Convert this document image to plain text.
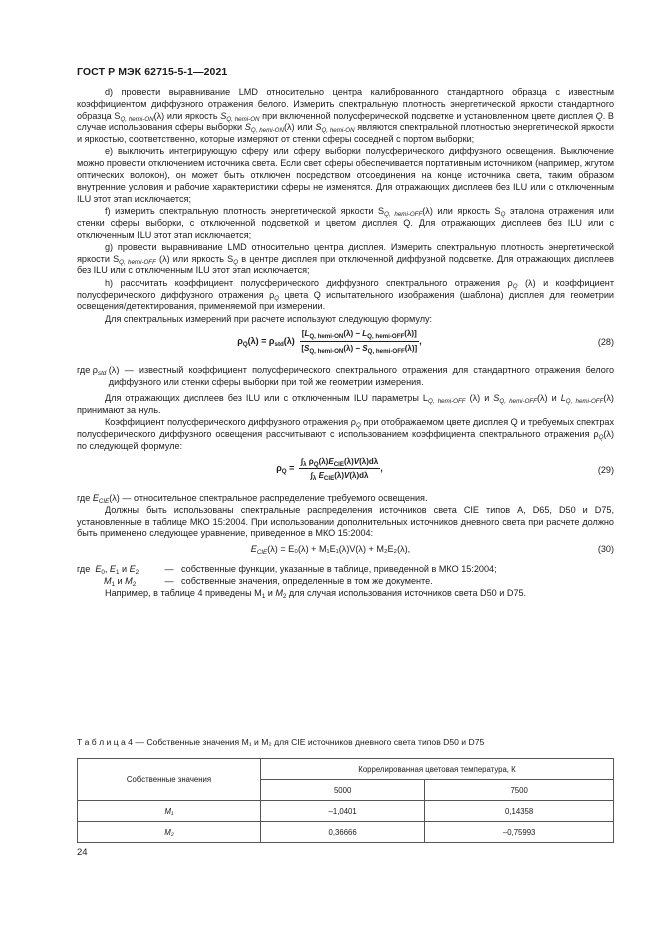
ГОСТ Р МЭК 62715-5-1—2021

d) провести выравнивание LMD относительно центра калиброванного стандартного образца с известным коэффициентом диффузного отражения белого. Измерить спектральную плотность энергетической яркости стандартного образца $S_{Q, hemi-ON}(\lambda)$ или яркость $S_{Q, hemi-ON}$ при включенной полусферической подсветке и установленном цвете дисплея Q. В случае использования сферы выборки $S_{Q, hemi-ON}(\lambda)$ или $S_{Q, hemi-ON}$ являются спектральной плотностью энергетической яркости и яркостью, соответственно, которые измеряют от стенки сферы соседней с портом выборки;

e) выключить интегрирующую сферу или сферу выборки полусферического диффузного освещения. Выключение можно провести отключением источника света. Если свет сферы обеспечивается портативным источником (например, жгутом оптических волокон), он может быть отключен посредством отсоединения на конце источника света, таким образом внутренние условия и рабочие характеристики сферы не изменятся. Для отражающих дисплеев без ILU или с отключенным ILU этот этап исключается;

f) измерить спектральную плотность энергетической яркости $S_{Q, hemi-OFF}(\lambda)$ или яркость $S_Q$ эталона отражения или стенки сферы выборки, с отключенной подсветкой и цветом дисплея Q. Для отражающих дисплеев без ILU или с отключенным ILU этот этап исключается;

g) провести выравнивание LMD относительно центра дисплея. Измерить спектральную плотность энергетической яркости $S_{Q, hemi-OFF}$ (λ) или яркость $S_Q$ в центре дисплея при отключенной диффузной подсветке. Для отражающих дисплеев без ILU или с отключенным ILU этот этап исключается;

h) рассчитать коэффициент полусферического диффузного спектрального отражения $\rho_Q$ (λ) и коэффициент полусферического диффузного отражения $\rho_Q$ цвета Q испытательного изображения (шаблона) дисплея для геометрии освещения/детектирования, применяемой при измерении.

Для спектральных измерений при расчете используют следующую формулу:

$\rho_Q(\lambda) = \rho_{std}(\lambda) \frac{[L_{Q, hemi-ON}(\lambda) - L_{Q, hemi-OFF}(\lambda)]}{[S_{Q, hemi-ON}(\lambda) - S_{Q, hemi-OFF}(\lambda)]}$ ,	(28)
где $\rho_{std}$ (λ) — известный коэффициент полусферического спектрального отражения для стандартного отражения белого диффузного или стенки сферы выборки при той же геометрии измерения.

Для отражающих дисплеев без ILU или с отключенным ILU параметры $L_{Q, hemi-OFF}$ (λ) и $S_{Q, hemi-OFF}(\lambda)$ и $L_{Q, hemi-OFF}(\lambda)$ принимают за нуль.

Коэффициент полусферического диффузного отражения $\rho_Q$ при отображаемом цвете дисплея Q и требуемых спектрах полусферического диффузного освещения рассчитывают с использованием коэффициента спектрального отражения $\rho_Q(\lambda)$ по следующей формуле:

$\rho_Q = \frac{\int_\lambda \rho_Q(\lambda)E_{CIE}(\lambda)V(\lambda)d\lambda}{\int_\lambda E_{CIE}(\lambda)V(\lambda)d\lambda}$ ,	(29)

где $E_{CIE}(\lambda)$ — относительное спектральное распределение требуемого освещения.

Должны быть использованы спектральные распределения источников света CIE типов A, D65, D50 и D75, установленные в таблице МКО 15:2004. При использовании дополнительных источников дневного света при расчете должно быть применено следующее уравнение, приведенное в МКО 15:2004:

$E_{CIE}(\lambda) = E_0(\lambda) + M_1E_1(\lambda)V(\lambda) + M_2E_2(\lambda)$,	(30)
где  $E_0$, $E_1$ и $E_2$	— собственные функции, указанные в таблице, приведенной в МКО 15:2004;
$M_1$ и $M_2$	— собственные значения, определенные в том же документе.

Например, в таблице 4 приведены $M_1$ и $M_2$ для случая использования источников света D50 и D75.

Т а б л и ц а 4 — Собственные значения M₁ и M₂ для CIE источников дневного света типов D50 и D75
Собственные значения	Коррелированная цветовая температура, К	
	5000	7500
M₁	–1,0401	0,14358
M₂	0,36666	–0,75993
24
